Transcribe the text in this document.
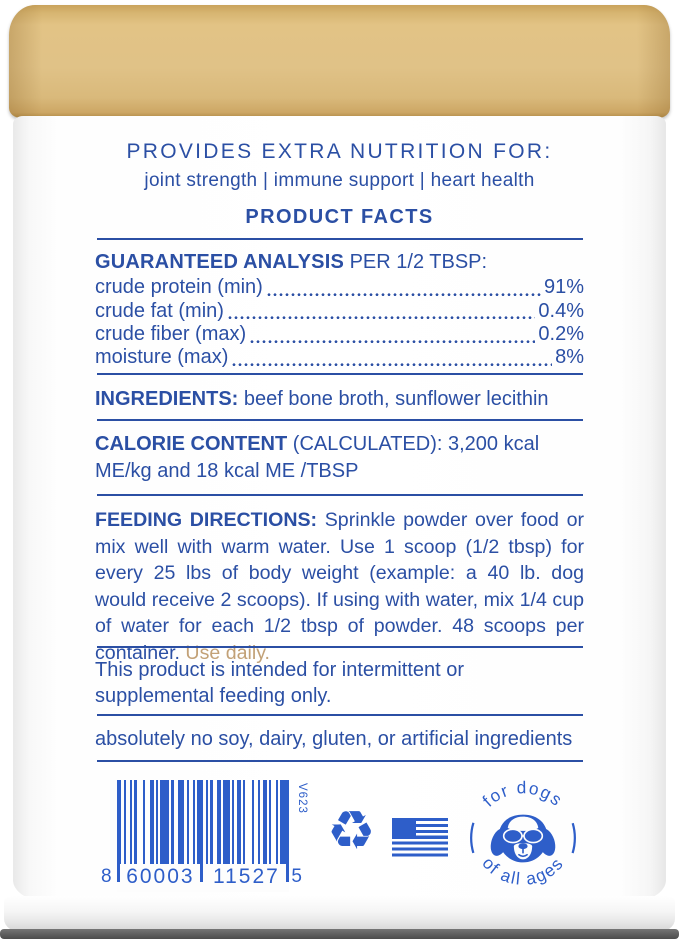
PROVIDES EXTRA NUTRITION FOR:
joint strength | immune support | heart health
PRODUCT FACTS
GUARANTEED ANALYSIS PER 1/2 TBSP:
crude protein (min)	91%
crude fat (min)	0.4%
crude fiber (max)	0.2%
moisture (max)	8%
INGREDIENTS: beef bone broth, sunflower lecithin
CALORIE CONTENT (CALCULATED): 3,200 kcal ME/kg and 18 kcal ME /TBSP
FEEDING DIRECTIONS: Sprinkle powder over food or mix well with warm water. Use 1 scoop (1/2 tbsp) for every 25 lbs of body weight (example: a 40 lb. dog would receive 2 scoops). If using with water, mix 1/4 cup of water for each 1/2 tbsp of powder. 48 scoops per container. Use daily.
This product is intended for intermittent or supplemental feeding only.
absolutely no soy, dairy, gluten, or artificial ingredients
60003 11527
8	5
V623
♻	for dogs
of all ages
